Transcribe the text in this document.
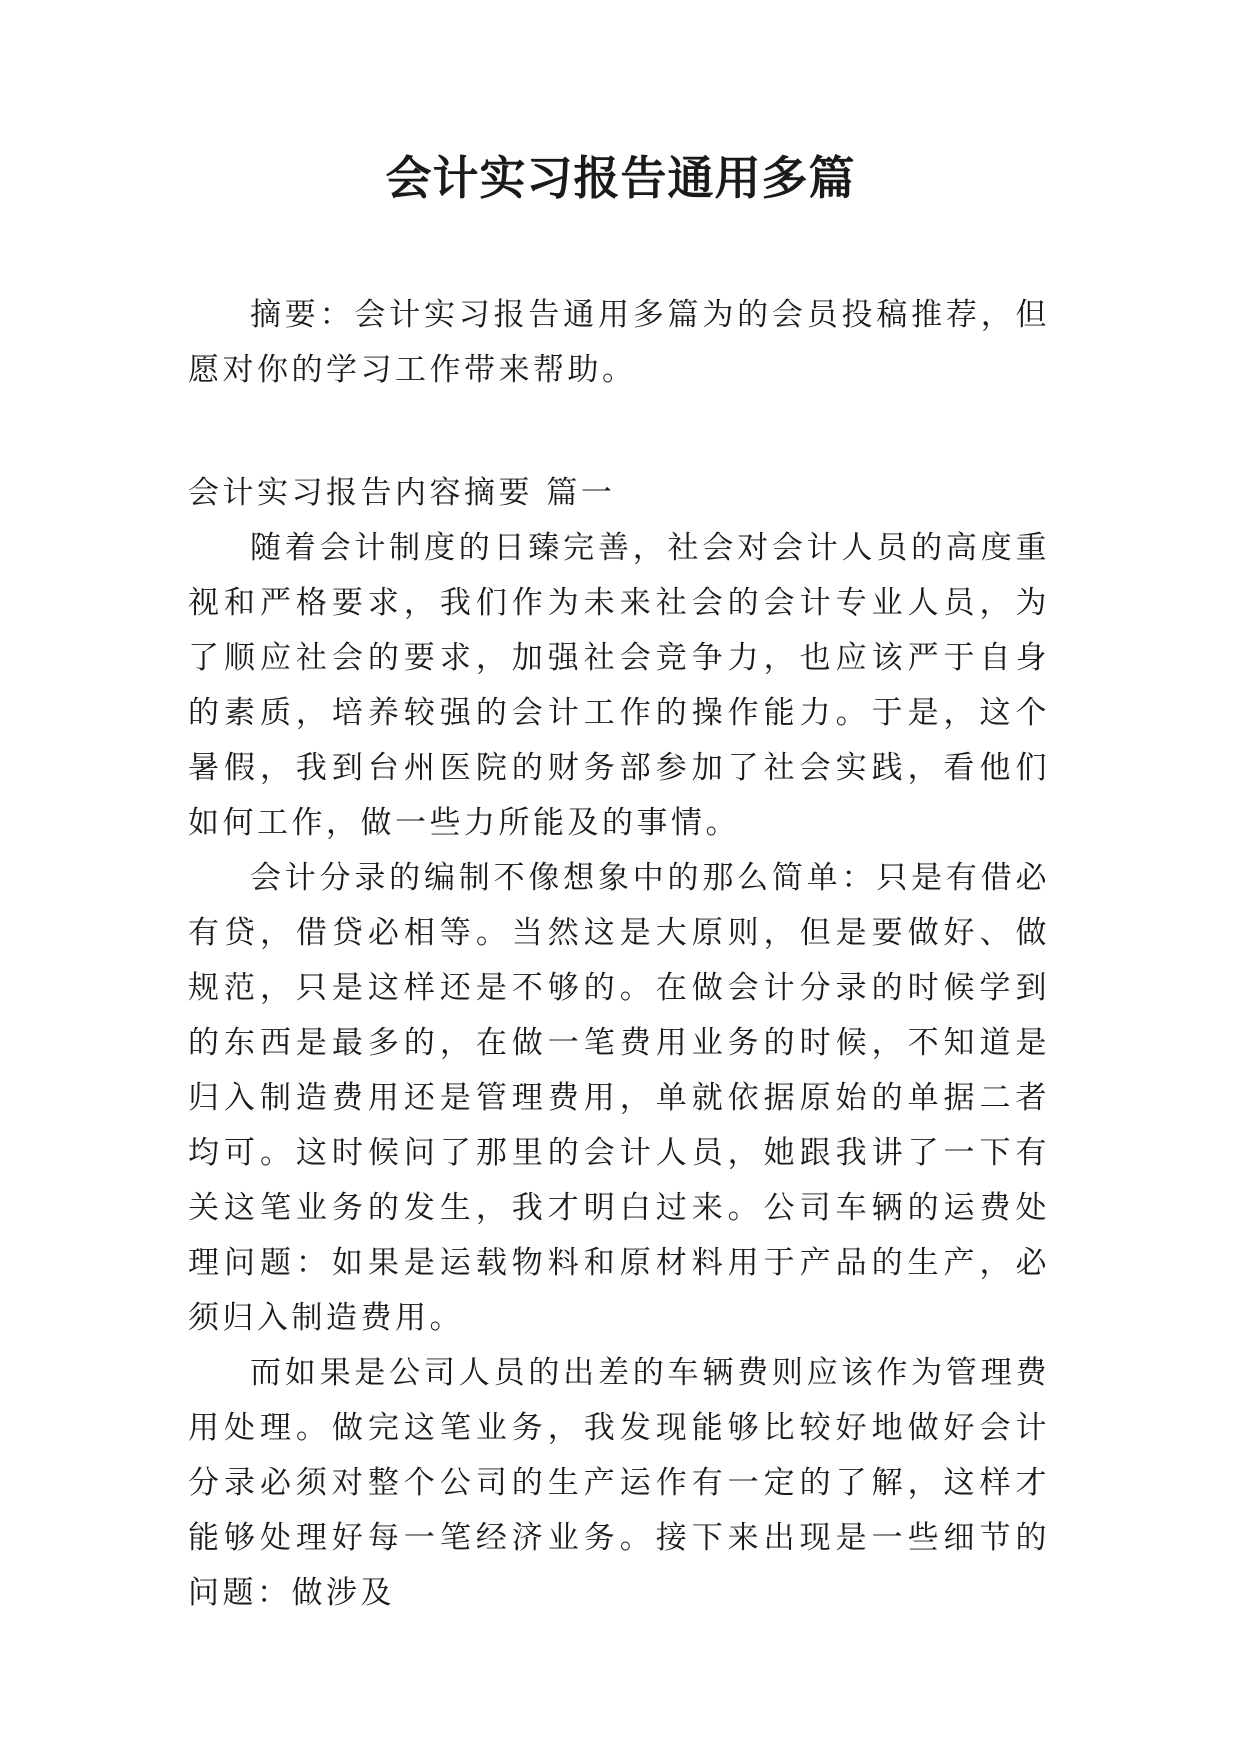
会计实习报告通用多篇

摘要：会计实习报告通用多篇为的会员投稿推荐，但愿对你的学习工作带来帮助。

会计实习报告内容摘要 篇一

随着会计制度的日臻完善，社会对会计人员的高度重视和严格要求，我们作为未来社会的会计专业人员，为了顺应社会的要求，加强社会竞争力，也应该严于自身的素质，培养较强的会计工作的操作能力。于是，这个暑假，我到台州医院的财务部参加了社会实践，看他们如何工作，做一些力所能及的事情。

会计分录的编制不像想象中的那么简单：只是有借必有贷，借贷必相等。当然这是大原则，但是要做好、做规范，只是这样还是不够的。在做会计分录的时候学到的东西是最多的，在做一笔费用业务的时候，不知道是归入制造费用还是管理费用，单就依据原始的单据二者均可。这时候问了那里的会计人员，她跟我讲了一下有关这笔业务的发生，我才明白过来。公司车辆的运费处理问题：如果是运载物料和原材料用于产品的生产，必须归入制造费用。

而如果是公司人员的出差的车辆费则应该作为管理费用处理。做完这笔业务，我发现能够比较好地做好会计分录必须对整个公司的生产运作有一定的了解，这样才能够处理好每一笔经济业务。接下来出现是一些细节的问题：做涉及
